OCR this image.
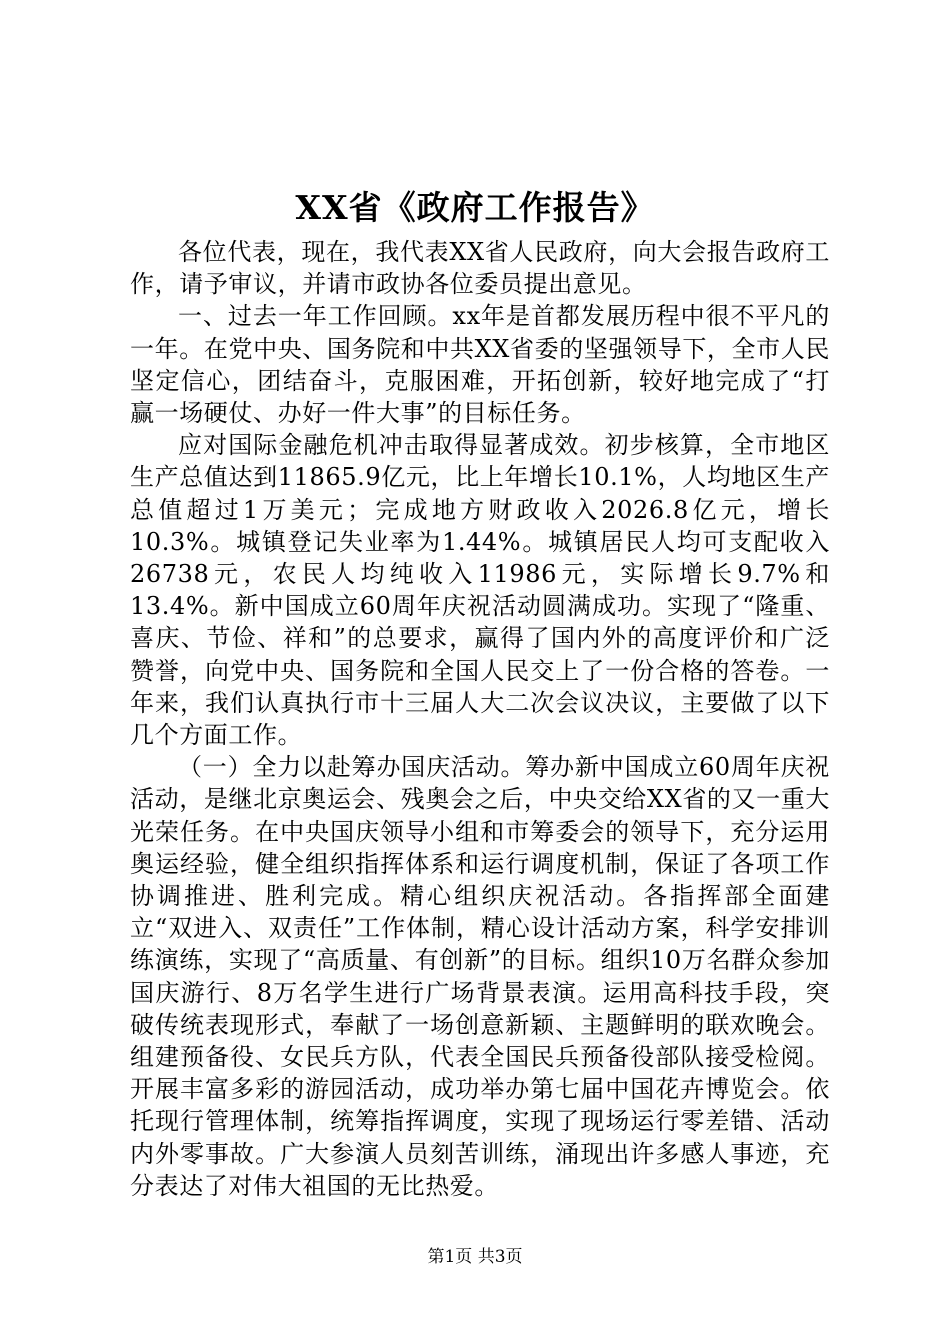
XX省《政府工作报告》

各位代表，现在，我代表XX省人民政府，向大会报告政府工作，请予审议，并请市政协各位委员提出意见。

一、过去一年工作回顾。xx年是首都发展历程中很不平凡的一年。在党中央、国务院和中共XX省委的坚强领导下，全市人民坚定信心，团结奋斗，克服困难，开拓创新，较好地完成了“打赢一场硬仗、办好一件大事”的目标任务。

应对国际金融危机冲击取得显著成效。初步核算，全市地区生产总值达到11865.9亿元，比上年增长10.1%，人均地区生产总值超过1万美元；完成地方财政收入2026.8亿元，增长10.3%。城镇登记失业率为1.44%。城镇居民人均可支配收入26738元，农民人均纯收入11986元，实际增长9.7%和13.4%。新中国成立60周年庆祝活动圆满成功。实现了“隆重、喜庆、节俭、祥和”的总要求，赢得了国内外的高度评价和广泛赞誉，向党中央、国务院和全国人民交上了一份合格的答卷。一年来，我们认真执行市十三届人大二次会议决议，主要做了以下几个方面工作。

（一）全力以赴筹办国庆活动。筹办新中国成立60周年庆祝活动，是继北京奥运会、残奥会之后，中央交给XX省的又一重大光荣任务。在中央国庆领导小组和市筹委会的领导下，充分运用奥运经验，健全组织指挥体系和运行调度机制，保证了各项工作协调推进、胜利完成。精心组织庆祝活动。各指挥部全面建立“双进入、双责任”工作体制，精心设计活动方案，科学安排训练演练，实现了“高质量、有创新”的目标。组织10万名群众参加国庆游行、8万名学生进行广场背景表演。运用高科技手段，突破传统表现形式，奉献了一场创意新颖、主题鲜明的联欢晚会。组建预备役、女民兵方队，代表全国民兵预备役部队接受检阅。开展丰富多彩的游园活动，成功举办第七届中国花卉博览会。依托现行管理体制，统筹指挥调度，实现了现场运行零差错、活动内外零事故。广大参演人员刻苦训练，涌现出许多感人事迹，充分表达了对伟大祖国的无比热爱。

第1页 共3页
